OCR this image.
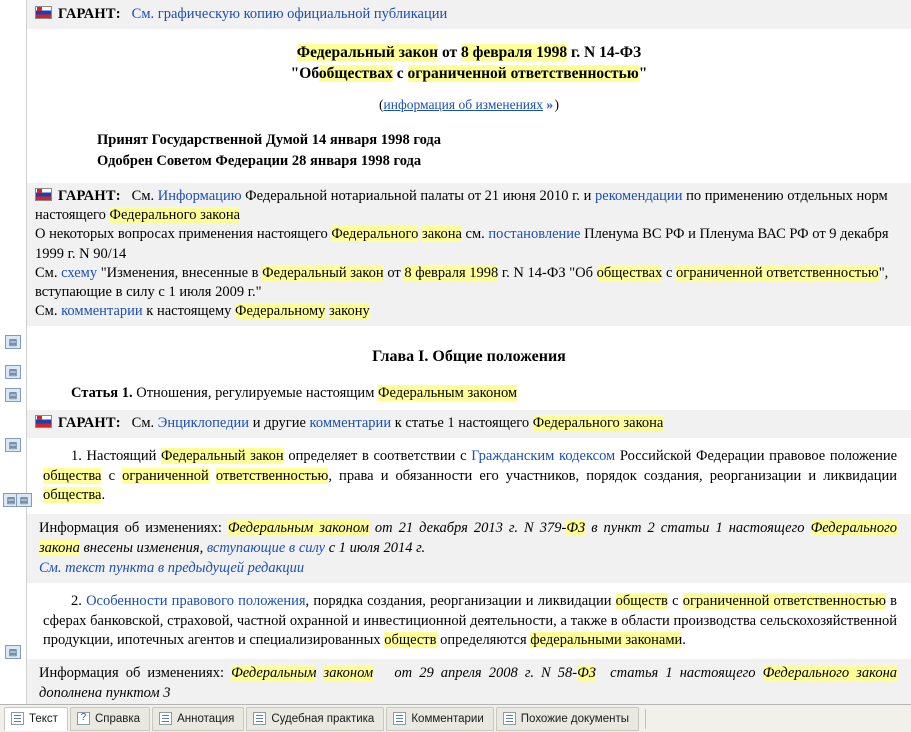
▤
▤
▤
▤
▤ ▤
▤
ГАРАНТ: См. графическую копию официальной публикации
Федеральный закон от 8 февраля 1998 г. N 14-ФЗ
"Обобществах с ограниченной ответственностью"
(информация об изменениях » )
Принят Государственной Думой 14 января 1998 года
Одобрен Советом Федерации 28 января 1998 года
ГАРАНТ: См. Информацию Федеральной нотариальной палаты от 21 июня 2010 г. и рекомендации по применению отдельных норм настоящего Федерального закона
О некоторых вопросах применения настоящего Федерального закона см. постановление Пленума ВС РФ и Пленума ВАС РФ от 9 декабря 1999 г. N 90/14
См. схему "Изменения, внесенные в Федеральный закон от 8 февраля 1998 г. N 14-ФЗ "Об обществах с ограниченной ответственностью", вступающие в силу с 1 июля 2009 г."
См. комментарии к настоящему Федеральному закону
Глава I. Общие положения
Статья 1. Отношения, регулируемые настоящим Федеральным законом
ГАРАНТ: См. Энциклопедии и другие комментарии к статье 1 настоящего Федерального закона
1. Настоящий Федеральный закон определяет в соответствии с Гражданским кодексом Российской Федерации правовое положение общества с ограниченной ответственностью, права и обязанности его участников, порядок создания, реорганизации и ликвидации общества.
Информация об изменениях: Федеральным законом от 21 декабря 2013 г. N 379-ФЗ в пункт 2 статьи 1 настоящего Федерального закона внесены изменения, вступающие в силу с 1 июля 2014 г.
См. текст пункта в предыдущей редакции
2. Особенности правового положения, порядка создания, реорганизации и ликвидации обществ с ограниченной ответственностью в сферах банковской, страховой, частной охранной и инвестиционной деятельности, а также в области производства сельскохозяйственной продукции, ипотечных агентов и специализированных обществ определяются федеральными законами.
Информация об изменениях: Федеральным законом от 29 апреля 2008 г. N 58-ФЗ статья 1 настоящего Федерального закона дополнена пунктом 3
Текст ?	Справка	Аннотация	Судебная практика	Комментарии	Похожие документы
